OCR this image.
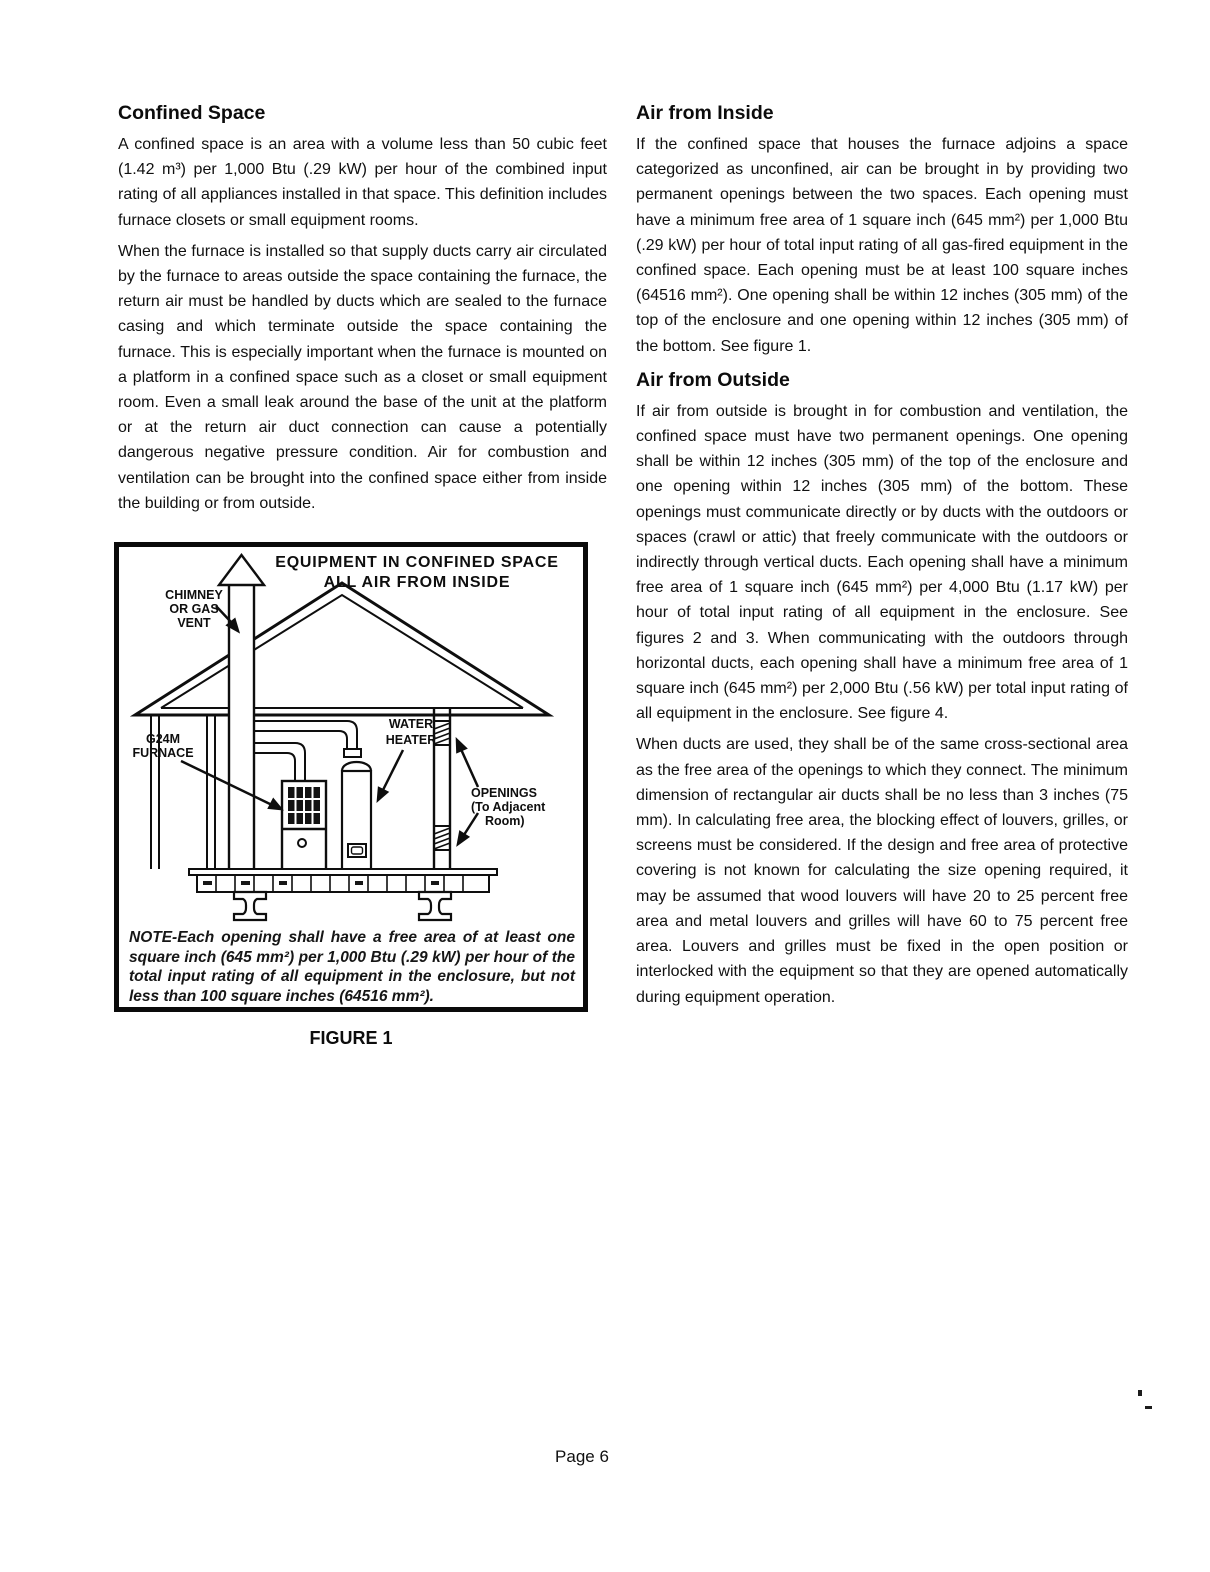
Confined Space

A confined space is an area with a volume less than 50 cubic feet (1.42 m³) per 1,000 Btu (.29 kW) per hour of the combined input rating of all appliances installed in that space. This definition includes furnace closets or small equipment rooms.

When the furnace is installed so that supply ducts carry air circulated by the furnace to areas outside the space containing the furnace, the return air must be handled by ducts which are sealed to the furnace casing and which terminate outside the space containing the furnace. This is especially important when the furnace is mounted on a platform in a confined space such as a closet or small equipment room. Even a small leak around the base of the unit at the platform or at the return air duct connection can cause a potentially dangerous negative pressure condition. Air for combustion and ventilation can be brought into the confined space either from inside the building or from outside.

Air from Inside

If the confined space that houses the furnace adjoins a space categorized as unconfined, air can be brought in by providing two permanent openings between the two spaces. Each opening must have a minimum free area of 1 square inch (645 mm²) per 1,000 Btu (.29 kW) per hour of total input rating of all gas-fired equipment in the confined space. Each opening must be at least 100 square inches (64516 mm²). One opening shall be within 12 inches (305 mm) of the top of the enclosure and one opening within 12 inches (305 mm) of the bottom. See figure 1.

Air from Outside

If air from outside is brought in for combustion and ventilation, the confined space must have two permanent openings. One opening shall be within 12 inches (305 mm) of the top of the enclosure and one opening within 12 inches (305 mm) of the bottom. These openings must communicate directly or by ducts with the outdoors or spaces (crawl or attic) that freely communicate with the outdoors or indirectly through vertical ducts. Each opening shall have a minimum free area of 1 square inch (645 mm²) per 4,000 Btu (1.17 kW) per hour of total input rating of all equipment in the enclosure. See figures 2 and 3. When communicating with the outdoors through horizontal ducts, each opening shall have a minimum free area of 1 square inch (645 mm²) per 2,000 Btu (.56 kW) per total input rating of all equipment in the enclosure. See figure 4.

When ducts are used, they shall be of the same cross-sectional area as the free area of the openings to which they connect. The minimum dimension of rectangular air ducts shall be no less than 3 inches (75 mm). In calculating free area, the blocking effect of louvers, grilles, or screens must be considered. If the design and free area of protective covering is not known for calculating the size opening required, it may be assumed that wood louvers will have 20 to 25 percent free area and metal louvers and grilles will have 60 to 75 percent free area. Louvers and grilles must be fixed in the open position or interlocked with the equipment so that they are opened automatically during equipment operation.

EQUIPMENT IN CONFINED SPACE
ALL AIR FROM INSIDE
CHIMNEY
OR GAS
VENT
G24M
FURNACE
WATER
HEATER
OPENINGS
(To Adjacent
Room)
NOTE-Each opening shall have a free area of at least one square inch (645 mm²) per 1,000 Btu (.29 kW) per hour of the total input rating of all equipment in the enclosure, but not less than 100 square inches (64516 mm²).
FIGURE 1
Page 6
